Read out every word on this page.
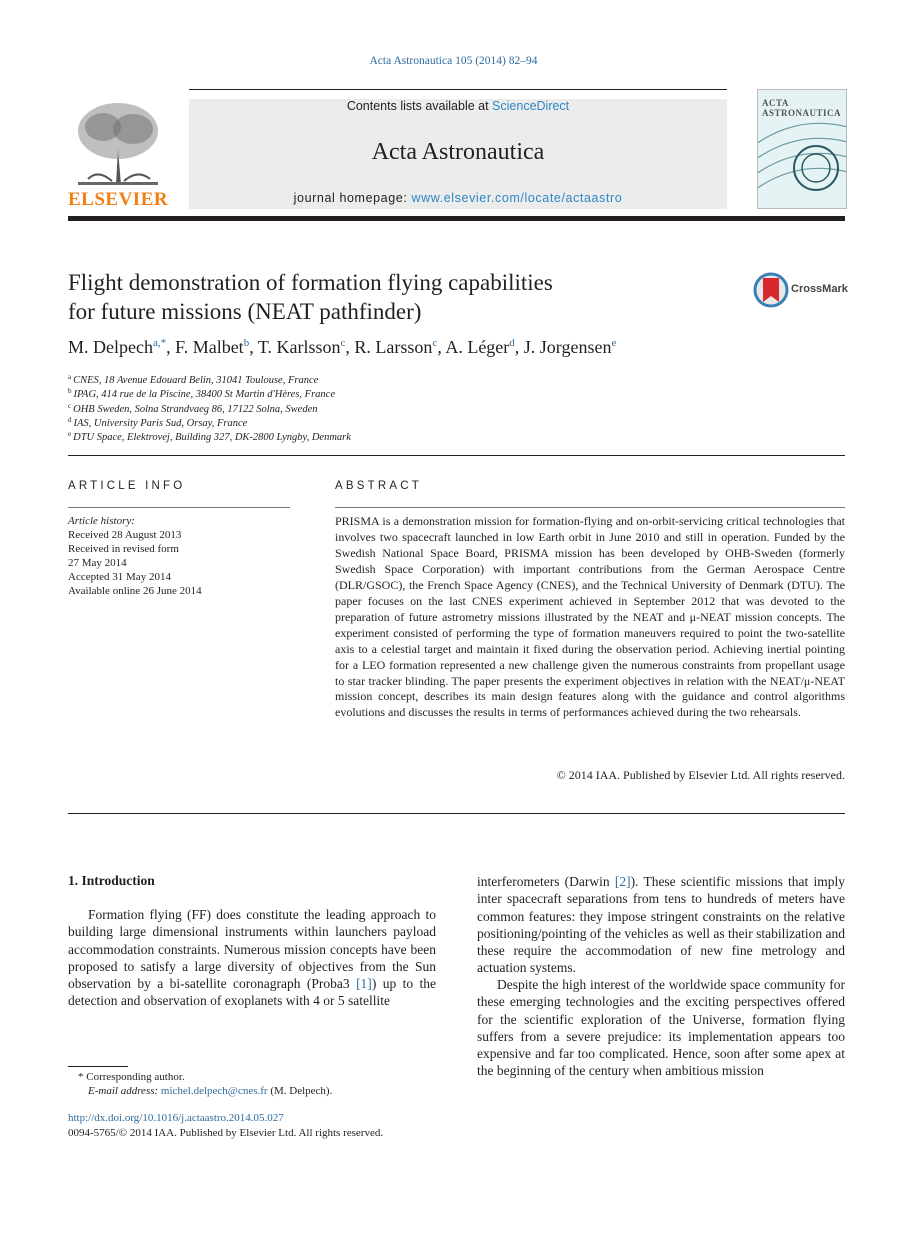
Acta Astronautica 105 (2014) 82–94
ELSEVIER
Contents lists available at ScienceDirect
Acta Astronautica
journal homepage: www.elsevier.com/locate/actaastro
ACTA ASTRONAUTICA
Flight demonstration of formation flying capabilities
for future missions (NEAT pathfinder)
CrossMark
M. Delpech$^{a,*}$, F. Malbet$^b$, T. Karlsson$^c$, R. Larsson$^c$, A. Léger$^d$, J. Jorgensen$^e$
$^a$ CNES, 18 Avenue Edouard Belin, 31041 Toulouse, France
$^b$ IPAG, 414 rue de la Piscine, 38400 St Martin d'Hères, France
$^c$ OHB Sweden, Solna Strandvaeg 86, 17122 Solna, Sweden
$^d$ IAS, University Paris Sud, Orsay, France
$^e$ DTU Space, Elektrovej, Building 327, DK-2800 Lyngby, Denmark
ARTICLE INFO	ABSTRACT
Article history:
Received 28 August 2013
Received in revised form
27 May 2014
Accepted 31 May 2014
Available online 26 June 2014
PRISMA is a demonstration mission for formation-flying and on-orbit-servicing critical technologies that involves two spacecraft launched in low Earth orbit in June 2010 and still in operation. Funded by the Swedish National Space Board, PRISMA mission has been developed by OHB-Sweden (formerly Swedish Space Corporation) with important contributions from the German Aerospace Centre (DLR/GSOC), the French Space Agency (CNES), and the Technical University of Denmark (DTU). The paper focuses on the last CNES experiment achieved in September 2012 that was devoted to the preparation of future astrometry missions illustrated by the NEAT and μ-NEAT mission concepts. The experiment consisted of performing the type of formation maneuvers required to point the two-satellite axis to a celestial target and maintain it fixed during the observation period. Achieving inertial pointing for a LEO formation represented a new challenge given the numerous constraints from propellant usage to star tracker blinding. The paper presents the experiment objectives in relation with the NEAT/μ-NEAT mission concept, describes its main design features along with the guidance and control algorithms evolutions and discusses the results in terms of performances achieved during the two rehearsals.
© 2014 IAA. Published by Elsevier Ltd. All rights reserved.
1. Introduction
Formation flying (FF) does constitute the leading approach to building large dimensional instruments within launchers payload accommodation constraints. Numerous mission concepts have been proposed to satisfy a large diversity of objectives from the Sun observation by a bi-satellite coronagraph (Proba3 [1]) up to the detection and observation of exoplanets with 4 or 5 satellite
interferometers (Darwin [2]). These scientific missions that imply inter spacecraft separations from tens to hundreds of meters have common features: they impose stringent constraints on the relative positioning/pointing of the vehicles as well as their stabilization and these require the accommodation of new fine metrology and actuation systems.
Despite the high interest of the worldwide space community for these emerging technologies and the exciting perspectives offered for the scientific exploration of the Universe, formation flying suffers from a severe prejudice: its implementation appears too expensive and far too complicated. Hence, soon after some apex at the beginning of the century when ambitious mission
* Corresponding author.
E-mail address: michel.delpech@cnes.fr (M. Delpech).
http://dx.doi.org/10.1016/j.actaastro.2014.05.027
0094-5765/© 2014 IAA. Published by Elsevier Ltd. All rights reserved.
